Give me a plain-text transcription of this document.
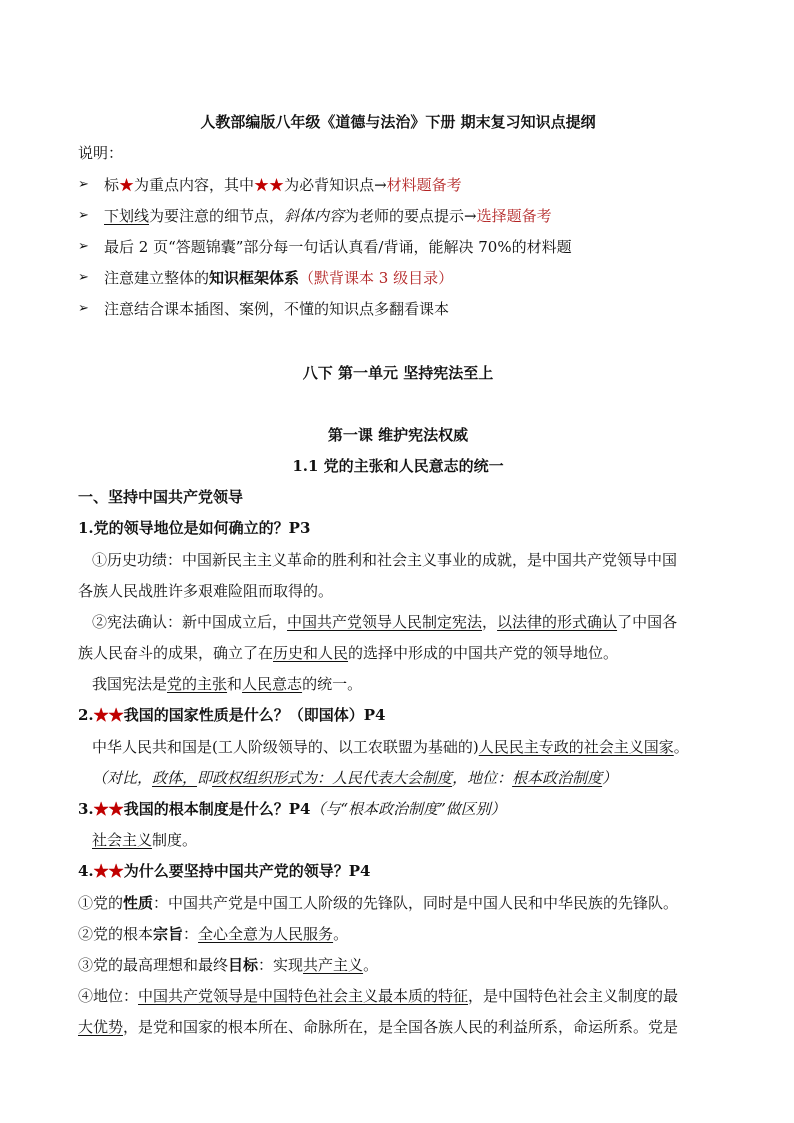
人教部编版八年级《道德与法治》下册 期末复习知识点提纲
说明：
➢ 标★为重点内容，其中★★为必背知识点→材料题备考
➢ 下划线为要注意的细节点，斜体内容为老师的要点提示→选择题备考
➢ 最后 2 页“答题锦囊”部分每一句话认真看/背诵，能解决 70%的材料题
➢ 注意建立整体的知识框架体系（默背课本 3 级目录）
➢ 注意结合课本插图、案例，不懂的知识点多翻看课本
八下 第一单元 坚持宪法至上
第一课 维护宪法权威
1.1 党的主张和人民意志的统一
一、坚持中国共产党领导
1.党的领导地位是如何确立的？P3
①历史功绩：中国新民主主义革命的胜利和社会主义事业的成就，是中国共产党领导中国
各族人民战胜许多艰难险阻而取得的。
②宪法确认：新中国成立后，中国共产党领导人民制定宪法，以法律的形式确认了中国各
族人民奋斗的成果，确立了在历史和人民的选择中形成的中国共产党的领导地位。
我国宪法是党的主张和人民意志的统一。
2.★★我国的国家性质是什么？（即国体）P4
中华人民共和国是(工人阶级领导的、以工农联盟为基础的)人民民主专政的社会主义国家。
（对比，政体，即政权组织形式为：人民代表大会制度，地位：根本政治制度）
3.★★我国的根本制度是什么？P4（与“根本政治制度”做区别）
社会主义制度。
4.★★为什么要坚持中国共产党的领导？P4
①党的性质：中国共产党是中国工人阶级的先锋队，同时是中国人民和中华民族的先锋队。
②党的根本宗旨：全心全意为人民服务。
③党的最高理想和最终目标：实现共产主义。
④地位：中国共产党领导是中国特色社会主义最本质的特征，是中国特色社会主义制度的最
大优势，是党和国家的根本所在、命脉所在，是全国各族人民的利益所系，命运所系。党是
